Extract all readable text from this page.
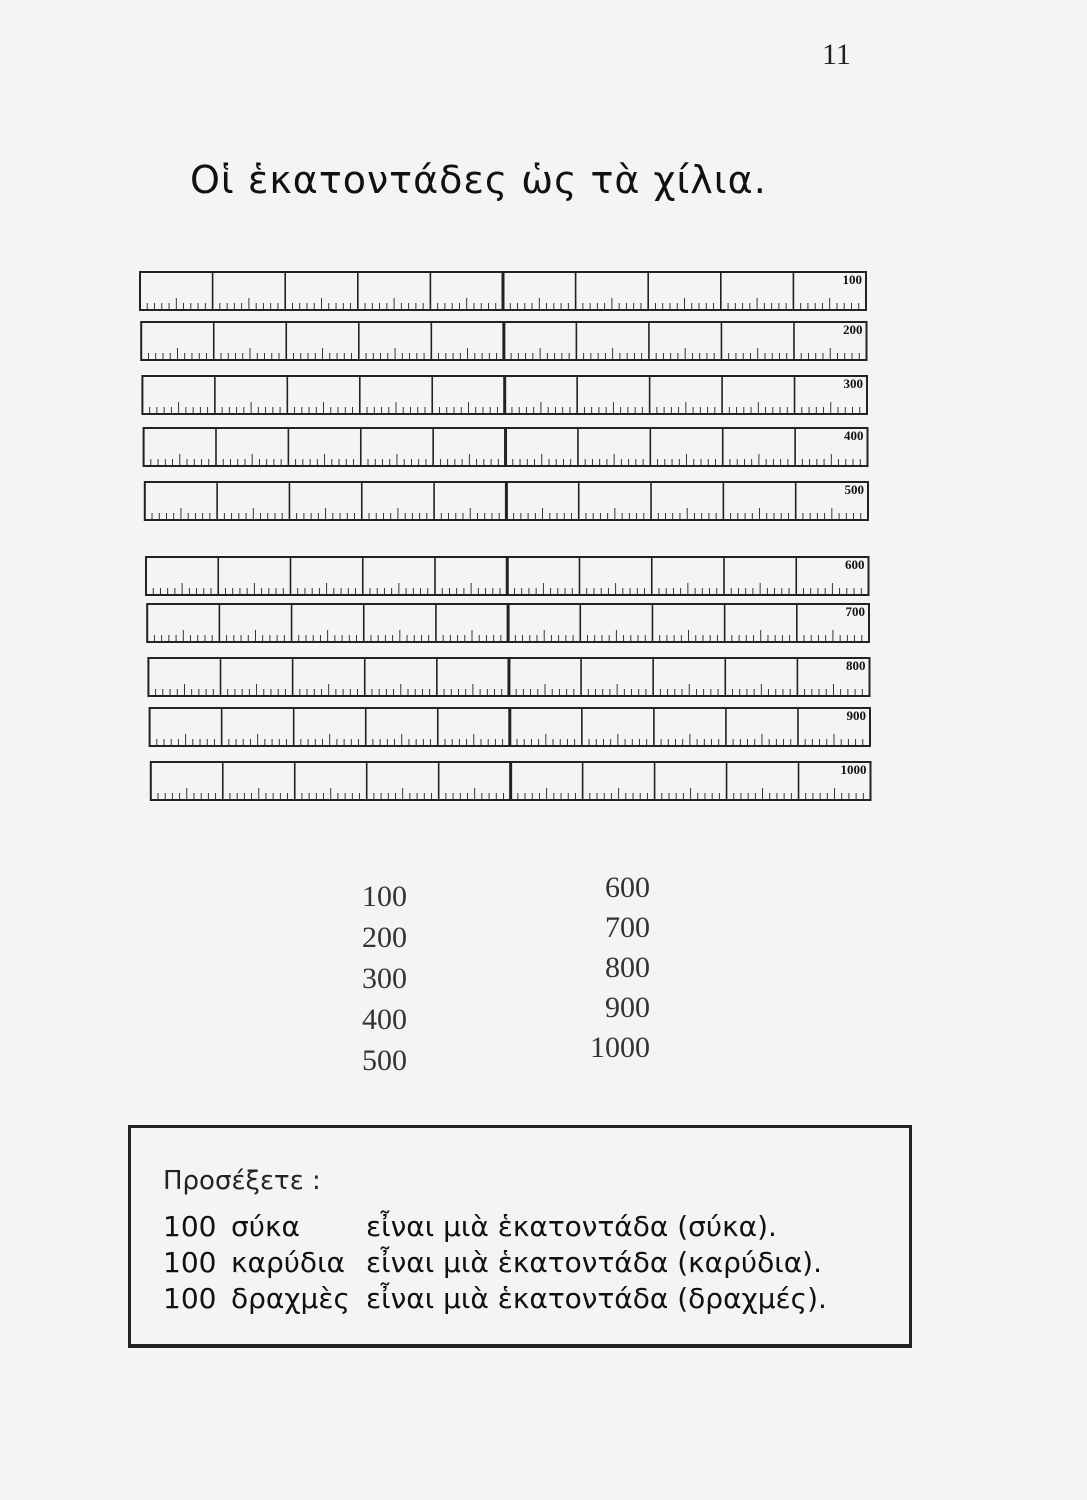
11
Οἱ ἑκατοντάδες ὡς τὰ χίλια.
100
200
300
400
500
600
700
800
900
1000
100
200
300
400
500
600
700
800
900
1000
Προσέξετε :
100 σύκα εἶναι μιὰ ἑκατοντάδα (σύκα).
100 καρύδια εἶναι μιὰ ἑκατοντάδα (καρύδια).
100 δραχμὲς εἶναι μιὰ ἑκατοντάδα (δραχμές).
